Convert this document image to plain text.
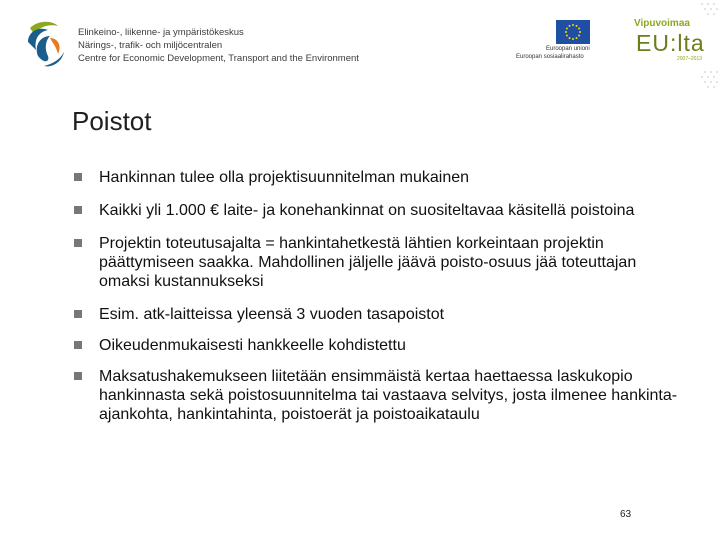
Elinkeino-, liikenne- ja ympäristökeskus
Närings-, trafik- och miljöcentralen
Centre for Economic Development, Transport and the Environment
Euroopan unioni
Euroopan sosiaalirahasto
Vipuvoimaa
EU:lta
2007–2013
Poistot
Hankinnan tulee olla projektisuunnitelman mukainen
Kaikki yli 1.000 € laite- ja konehankinnat on suositeltavaa käsitellä poistoina
Projektin toteutusajalta = hankintahetkestä lähtien korkeintaan projektin päättymiseen saakka. Mahdollinen jäljelle jäävä poisto-osuus jää toteuttajan omaksi kustannukseksi
Esim. atk-laitteissa yleensä 3 vuoden tasapoistot
Oikeudenmukaisesti hankkeelle kohdistettu
Maksatushakemukseen liitetään ensimmäistä kertaa haettaessa laskukopio hankinnasta sekä poistosuunnitelma tai vastaava selvitys, josta ilmenee hankinta-ajankohta, hankintahinta, poistoerät ja poistoaikataulu
63
